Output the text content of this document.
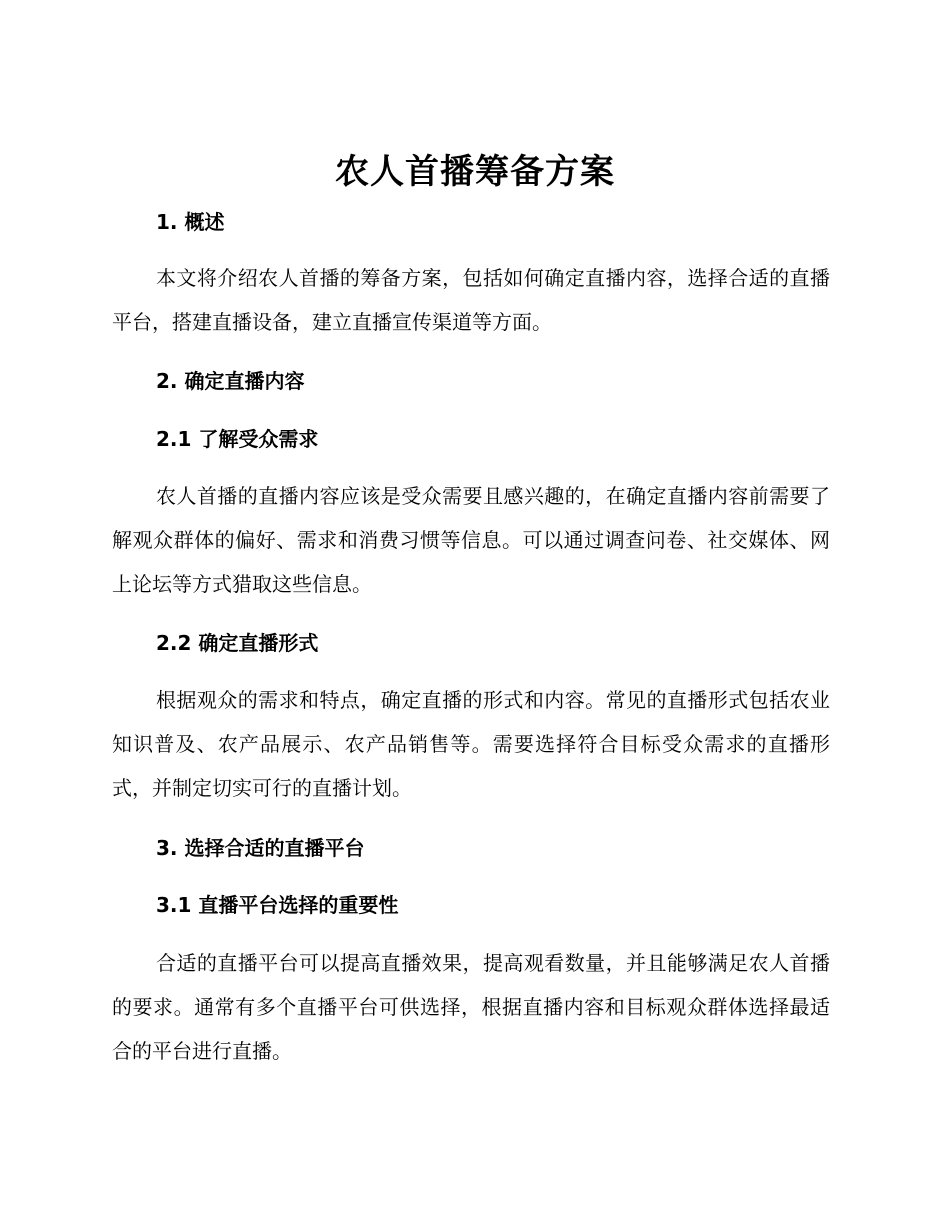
农人首播筹备方案
1. 概述

本文将介绍农人首播的筹备方案，包括如何确定直播内容，选择合适的直播平台，搭建直播设备，建立直播宣传渠道等方面。

2. 确定直播内容
2.1 了解受众需求

农人首播的直播内容应该是受众需要且感兴趣的，在确定直播内容前需要了解观众群体的偏好、需求和消费习惯等信息。可以通过调查问卷、社交媒体、网上论坛等方式猎取这些信息。

2.2 确定直播形式

根据观众的需求和特点，确定直播的形式和内容。常见的直播形式包括农业知识普及、农产品展示、农产品销售等。需要选择符合目标受众需求的直播形式，并制定切实可行的直播计划。

3. 选择合适的直播平台
3.1 直播平台选择的重要性

合适的直播平台可以提高直播效果，提高观看数量，并且能够满足农人首播的要求。通常有多个直播平台可供选择，根据直播内容和目标观众群体选择最适合的平台进行直播。
